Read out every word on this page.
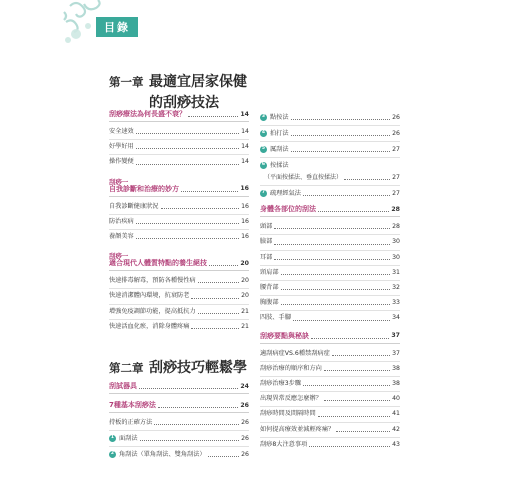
目錄
第一章 最適宜居家保健
的刮痧技法
刮痧療法為何長盛不衰？	14
安全速效	14
好學好用	14
操作變便	14
刮痧一
自我診斷和治療的妙方	16
自我診斷健康狀況	16
防治疾病	16
養顏美容	16
刮痧一
適合現代人體質特點的養生絕技	20
快速排毒解毒，預防各種慢性病	20
快速消潔體內環境，抗衰防老	20
增強免疫調節功能，提高抵抗力	21
快速活血化瘀，消除身體疼痛	21
第二章 刮痧技巧輕鬆學
刮試器具	24
7種基本刮痧法	26
持板的正確方法	26
1 面刮法	26
2 角刮法（單角刮法、雙角刮法）	26
3 點按法	26
4 拍打法	26
5 厲刮法	27
6 按揉法
（平面按揉法、垂直按揉法）	27
7 疏理經氣法	27
身體各部位的刮法	28
頭部	28
臉部	30
耳部	30
頸肩部	31
腰背部	32
胸腹部	33
四肢、手腳	34
刮痧要點與秘訣	37
適刮病症VS.6種禁刮病症	37
刮痧治療的順序和方向	38
刮痧治療3步驟	38
出現異常反應怎麼辦？	40
刮痧時間及間隔時間	41
如何提高療效並減輕疼痛？	42
刮痧8大注意事項	43
